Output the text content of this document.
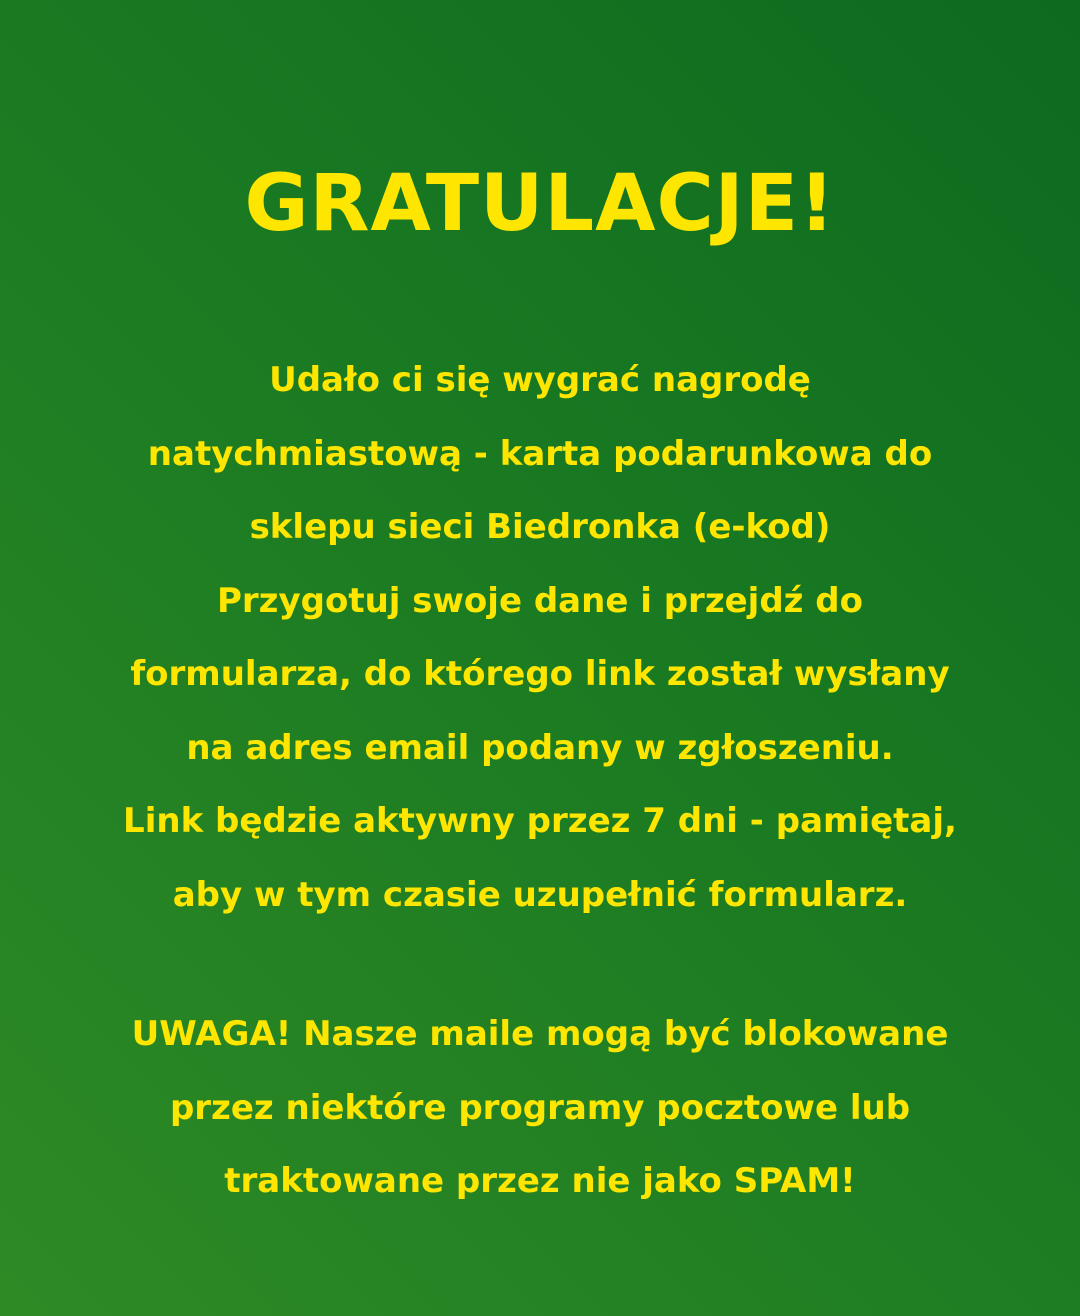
GRATULACJE!
Udało ci się wygrać nagrodę
natychmiastową - karta podarunkowa do
sklepu sieci Biedronka (e-kod)
Przygotuj swoje dane i przejdź do
formularza, do którego link został wysłany
na adres email podany w zgłoszeniu.
Link będzie aktywny przez 7 dni - pamiętaj,
aby w tym czasie uzupełnić formularz.
UWAGA! Nasze maile mogą być blokowane
przez niektóre programy pocztowe lub
traktowane przez nie jako SPAM!
